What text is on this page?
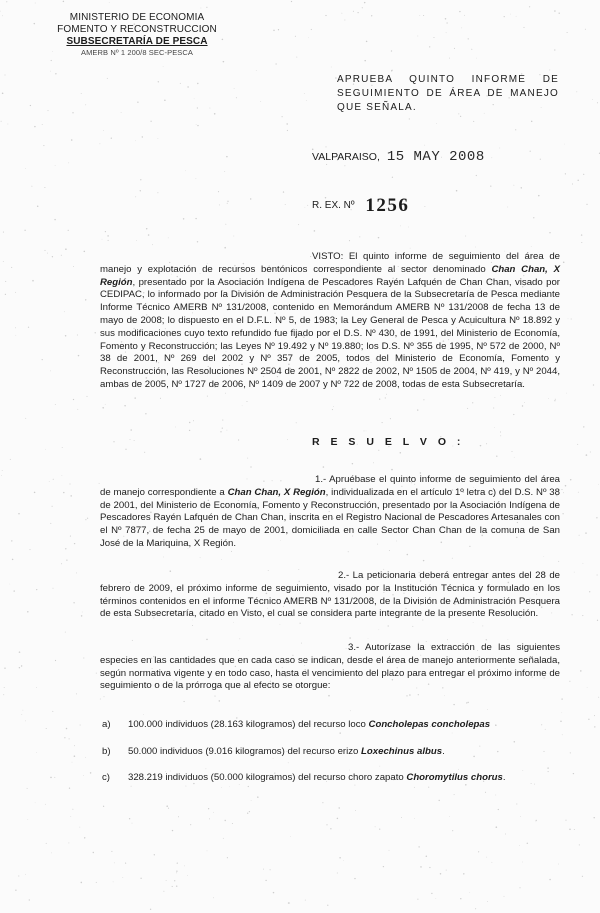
MINISTERIO DE ECONOMIA
FOMENTO Y RECONSTRUCCION
SUBSECRETARÍA DE PESCA
AMERB Nº 1 200/8 SEC-PESCA
APRUEBA QUINTO INFORME DE SEGUIMIENTO DE ÁREA DE MANEJO QUE SEÑALA.
VALPARAISO, 15 MAY 2008
R. EX. Nº 1256
VISTO: El quinto informe de seguimiento del área de manejo y explotación de recursos bentónicos correspondiente al sector denominado Chan Chan, X Región, presentado por la Asociación Indígena de Pescadores Rayén Lafquén de Chan Chan, visado por CEDIPAC, lo informado por la División de Administración Pesquera de la Subsecretaría de Pesca mediante Informe Técnico AMERB Nº 131/2008, contenido en Memorándum AMERB Nº 131/2008 de fecha 13 de mayo de 2008; lo dispuesto en el D.F.L. Nº 5, de 1983; la Ley General de Pesca y Acuicultura Nº 18.892 y sus modificaciones cuyo texto refundido fue fijado por el D.S. Nº 430, de 1991, del Ministerio de Economía, Fomento y Reconstrucción; las Leyes Nº 19.492 y Nº 19.880; los D.S. Nº 355 de 1995, Nº 572 de 2000, Nº 38 de 2001, Nº 269 del 2002 y Nº 357 de 2005, todos del Ministerio de Economía, Fomento y Reconstrucción, las Resoluciones Nº 2504 de 2001, Nº 2822 de 2002, Nº 1505 de 2004, Nº 419, y Nº 2044, ambas de 2005, Nº 1727 de 2006, Nº 1409 de 2007 y Nº 722 de 2008, todas de esta Subsecretaría.
R E S U E L V O :
1.- Apruébase el quinto informe de seguimiento del área de manejo correspondiente a Chan Chan, X Región, individualizada en el artículo 1º letra c) del D.S. Nº 38 de 2001, del Ministerio de Economía, Fomento y Reconstrucción, presentado por la Asociación Indígena de Pescadores Rayén Lafquén de Chan Chan, inscrita en el Registro Nacional de Pescadores Artesanales con el Nº 7877, de fecha 25 de mayo de 2001, domiciliada en calle Sector Chan Chan de la comuna de San José de la Mariquina, X Región.
2.- La peticionaria deberá entregar antes del 28 de febrero de 2009, el próximo informe de seguimiento, visado por la Institución Técnica y formulado en los términos contenidos en el informe Técnico AMERB Nº 131/2008, de la División de Administración Pesquera de esta Subsecretaría, citado en Visto, el cual se considera parte integrante de la presente Resolución.
3.- Autorízase la extracción de las siguientes especies en las cantidades que en cada caso se indican, desde el área de manejo anteriormente señalada, según normativa vigente y en todo caso, hasta el vencimiento del plazo para entregar el próximo informe de seguimiento o de la prórroga que al efecto se otorgue:
a) 100.000 individuos (28.163 kilogramos) del recurso loco Concholepas concholepas
b) 50.000 individuos (9.016 kilogramos) del recurso erizo Loxechinus albus.
c) 328.219 individuos (50.000 kilogramos) del recurso choro zapato Choromytilus chorus.
